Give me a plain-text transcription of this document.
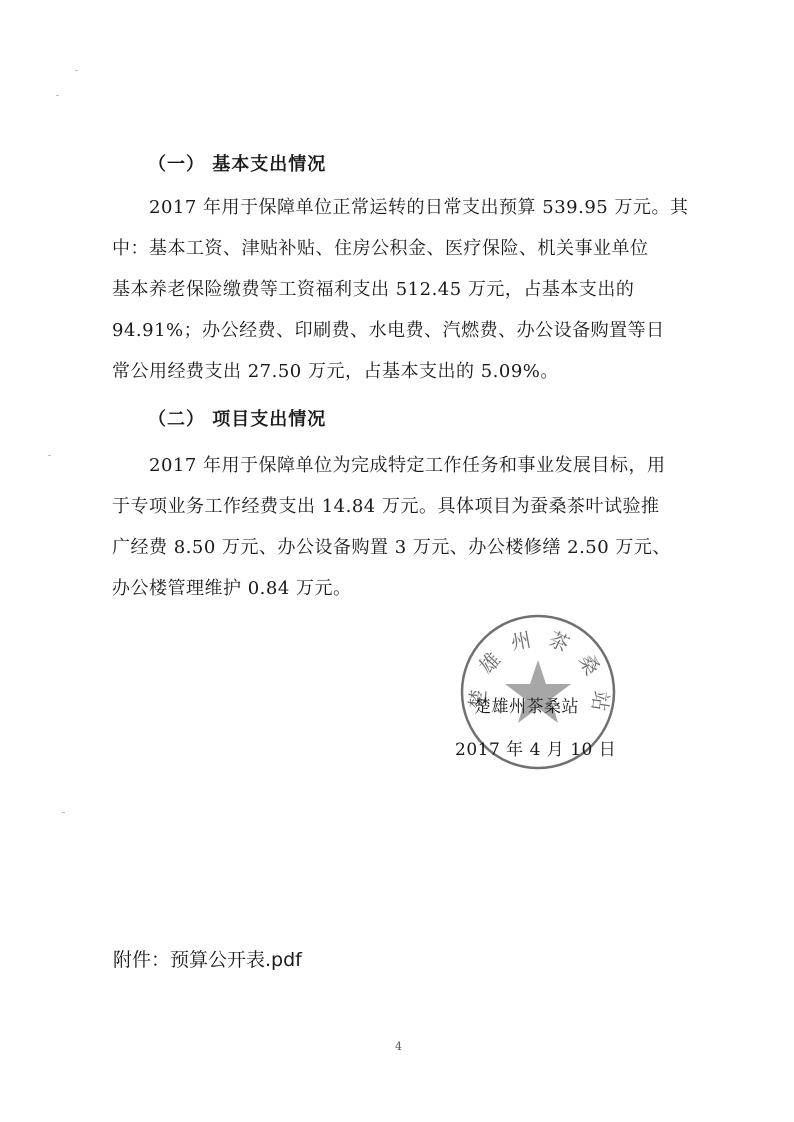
（一） 基本支出情况
2017 年用于保障单位正常运转的日常支出预算 539.95 万元。其
中：基本工资、津贴补贴、住房公积金、医疗保险、机关事业单位
基本养老保险缴费等工资福利支出 512.45 万元，占基本支出的
94.91%；办公经费、印刷费、水电费、汽燃费、办公设备购置等日
常公用经费支出 27.50 万元，占基本支出的 5.09%。
（二） 项目支出情况
2017 年用于保障单位为完成特定工作任务和事业发展目标，用
于专项业务工作经费支出 14.84 万元。具体项目为蚕桑茶叶试验推
广经费 8.50 万元、办公设备购置 3 万元、办公楼修缮 2.50 万元、
办公楼管理维护 0.84 万元。
楚雄州茶桑站
楚雄州茶桑站
2017 年 4 月 10 日
附件：预算公开表.pdf
4
